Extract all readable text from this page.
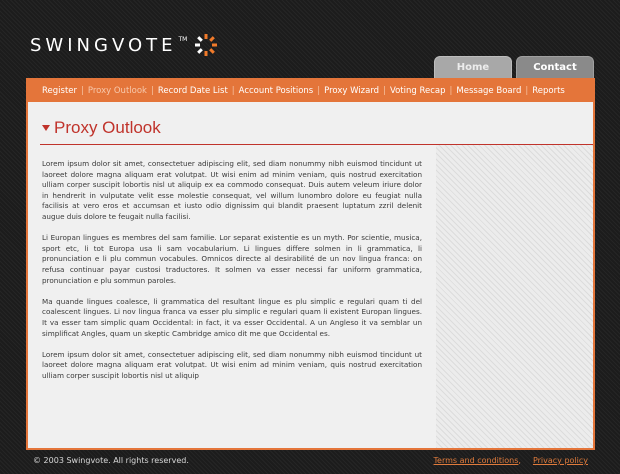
SWINGVOTE TM
Home	Contact
Register | Proxy Outlook | Record Date List | Account Positions | Proxy Wizard | Voting Recap | Message Board | Reports
Proxy Outlook

Lorem ipsum dolor sit amet, consectetuer adipiscing elit, sed diam nonummy nibh euismod tincidunt ut laoreet dolore magna aliquam erat volutpat. Ut wisi enim ad minim veniam, quis nostrud exercitation ulliam corper suscipit lobortis nisl ut aliquip ex ea commodo consequat. Duis autem veleum iriure dolor in hendrerit in vulputate velit esse molestie consequat, vel willum lunombro dolore eu feugiat nulla facilisis at vero eros et accumsan et iusto odio dignissim qui blandit praesent luptatum zzril delenit augue duis dolore te feugait nulla facilisi.

Li Europan lingues es membres del sam familie. Lor separat existentie es un myth. Por scientie, musica, sport etc, li tot Europa usa li sam vocabularium. Li lingues differe solmen in li grammatica, li pronunciation e li plu commun vocabules. Omnicos directe al desirabilité de un nov lingua franca: on refusa continuar payar custosi traductores. It solmen va esser necessi far uniform grammatica, pronunciation e plu sommun paroles.

Ma quande lingues coalesce, li grammatica del resultant lingue es plu simplic e regulari quam ti del coalescent lingues. Li nov lingua franca va esser plu simplic e regulari quam li existent Europan lingues. It va esser tam simplic quam Occidental: in fact, it va esser Occidental. A un Angleso it va semblar un simplificat Angles, quam un skeptic Cambridge amico dit me que Occidental es.

Lorem ipsum dolor sit amet, consectetuer adipiscing elit, sed diam nonummy nibh euismod tincidunt ut laoreet dolore magna aliquam erat volutpat. Ut wisi enim ad minim veniam, quis nostrud exercitation ulliam corper suscipit lobortis nisl ut aliquip

© 2003 Swingvote. All rights reserved.	Terms and conditions, Privacy policy
